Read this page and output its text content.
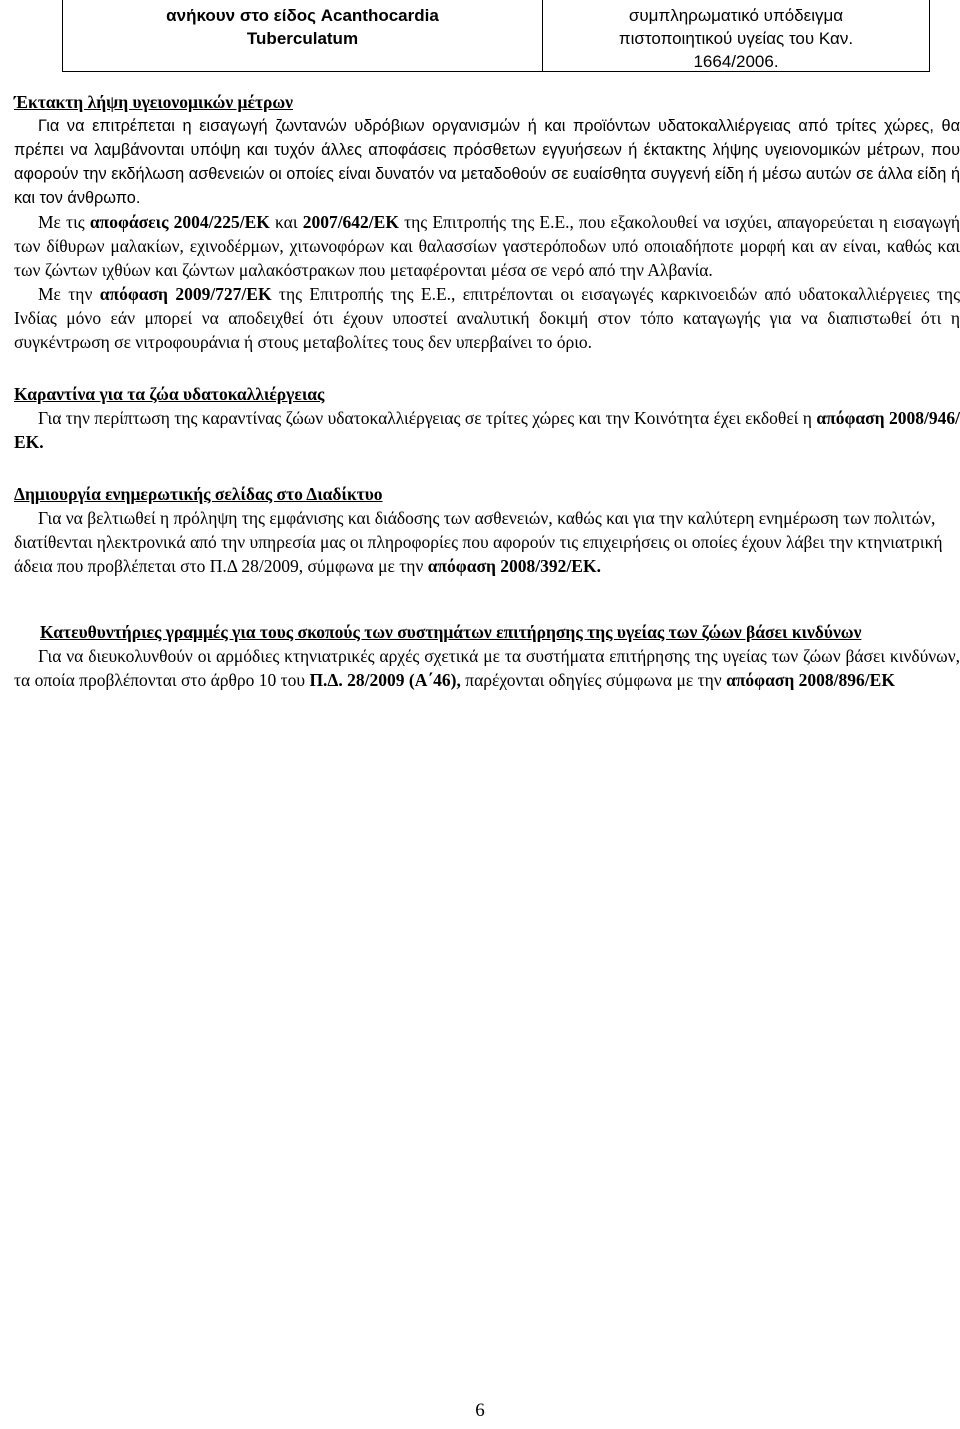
ανήκουν στο είδος Acanthocardia
Tuberculatum
συμπληρωματικό υπόδειγμα
πιστοποιητικού υγείας του Καν.
1664/2006.
Έκτακτη λήψη υγειονομικών μέτρων

Για να επιτρέπεται η εισαγωγή ζωντανών υδρόβιων οργανισμών ή και προϊόντων υδατοκαλλιέργειας από τρίτες χώρες, θα πρέπει να λαμβάνονται υπόψη και τυχόν άλλες αποφάσεις πρόσθετων εγγυήσεων ή έκτακτης λήψης υγειονομικών μέτρων, που αφορούν την εκδήλωση ασθενειών οι οποίες είναι δυνατόν να μεταδοθούν σε ευαίσθητα συγγενή είδη ή μέσω αυτών σε άλλα είδη ή και τον άνθρωπο.

Με τις αποφάσεις 2004/225/ΕΚ και 2007/642/ΕΚ της Επιτροπής της Ε.Ε., που εξακολουθεί να ισχύει, απαγορεύεται η εισαγωγή των δίθυρων μαλακίων, εχινοδέρμων, χιτωνοφόρων και θαλασσίων γαστερόποδων υπό οποιαδήποτε μορφή και αν είναι, καθώς και των ζώντων ιχθύων και ζώντων μαλακόστρακων που μεταφέρονται μέσα σε νερό από την Αλβανία.

Με την απόφαση 2009/727/ΕΚ της Επιτροπής της Ε.Ε., επιτρέπονται οι εισαγωγές καρκινοειδών από υδατοκαλλιέργειες της Ινδίας μόνο εάν μπορεί να αποδειχθεί ότι έχουν υποστεί αναλυτική δοκιμή στον τόπο καταγωγής για να διαπιστωθεί ότι η συγκέντρωση σε νιτροφουράνια ή στους μεταβολίτες τους δεν υπερβαίνει το όριο.

Καραντίνα για τα ζώα υδατοκαλλιέργειας

Για την περίπτωση της καραντίνας ζώων υδατοκαλλιέργειας σε τρίτες χώρες και την Κοινότητα έχει εκδοθεί η απόφαση 2008/946/ΕΚ.

Δημιουργία ενημερωτικής σελίδας στο Διαδίκτυο

Για να βελτιωθεί η πρόληψη της εμφάνισης και διάδοσης των ασθενειών, καθώς και για την καλύτερη ενημέρωση των πολιτών, διατίθενται ηλεκτρονικά από την υπηρεσία μας οι πληροφορίες που αφορούν τις επιχειρήσεις οι οποίες έχουν λάβει την κτηνιατρική άδεια που προβλέπεται στο Π.Δ 28/2009, σύμφωνα με την απόφαση 2008/392/ΕΚ.

Κατευθυντήριες γραμμές για τους σκοπούς των συστημάτων επιτήρησης της υγείας των ζώων βάσει κινδύνων

Για να διευκολυνθούν οι αρμόδιες κτηνιατρικές αρχές σχετικά με τα συστήματα επιτήρησης της υγείας των ζώων βάσει κινδύνων, τα οποία προβλέπονται στο άρθρο 10 του Π.Δ. 28/2009 (Α΄46), παρέχονται οδηγίες σύμφωνα με την απόφαση 2008/896/ΕΚ

6
